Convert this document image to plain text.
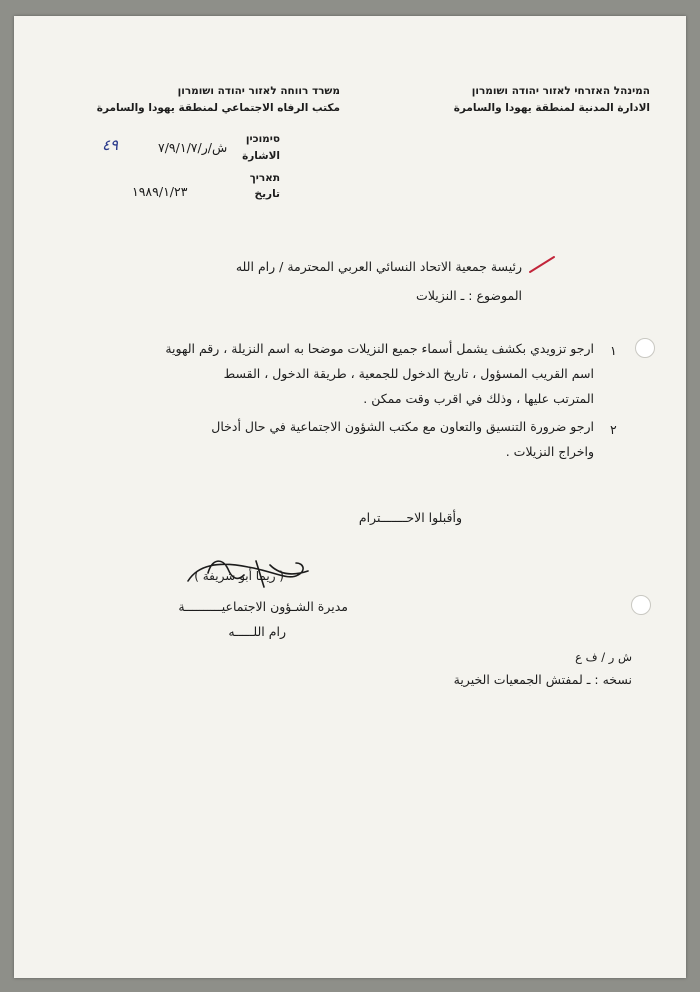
המינהל האזרחי לאזור יהודה ושומרון
الادارة المدنية لمنطقة يهودا والسامرة
משרד רווחה לאזור יהודה ושומרון
مكتب الرفاه الاجتماعي لمنطقة يهودا والسامرة
סימוכין
الاشارة
ش/ر/٧/٩/١/٧
٤٩
תאריך
تاريخ
١٩٨٩/١/٢٣
رئيسة جمعية الاتحاد النسائي العربي المحترمة / رام الله
الموضوع : ـ النزيلات
١
ارجو تزويدي بكشف يشمل أسماء جميع النزيلات موضحا به اسم النزيلة ، رقم الهوية
اسم القريب المسؤول ، تاريخ الدخول للجمعية ، طريقة الدخول ، القسط
المترتب عليها ، وذلك في اقرب وقت ممكن .
٢
ارجو ضرورة التنسيق والتعاون مع مكتب الشؤون الاجتماعية في حال أدخال
واخراج النزيلات .
وأقبلوا الاحـــــــترام
( ريما أبو شريفة )
مديرة الشـؤون الاجتماعيــــــــــة
رام اللـــــه
ش ر / ف ع
نسخه : ـ لمفتش الجمعيات الخيرية
